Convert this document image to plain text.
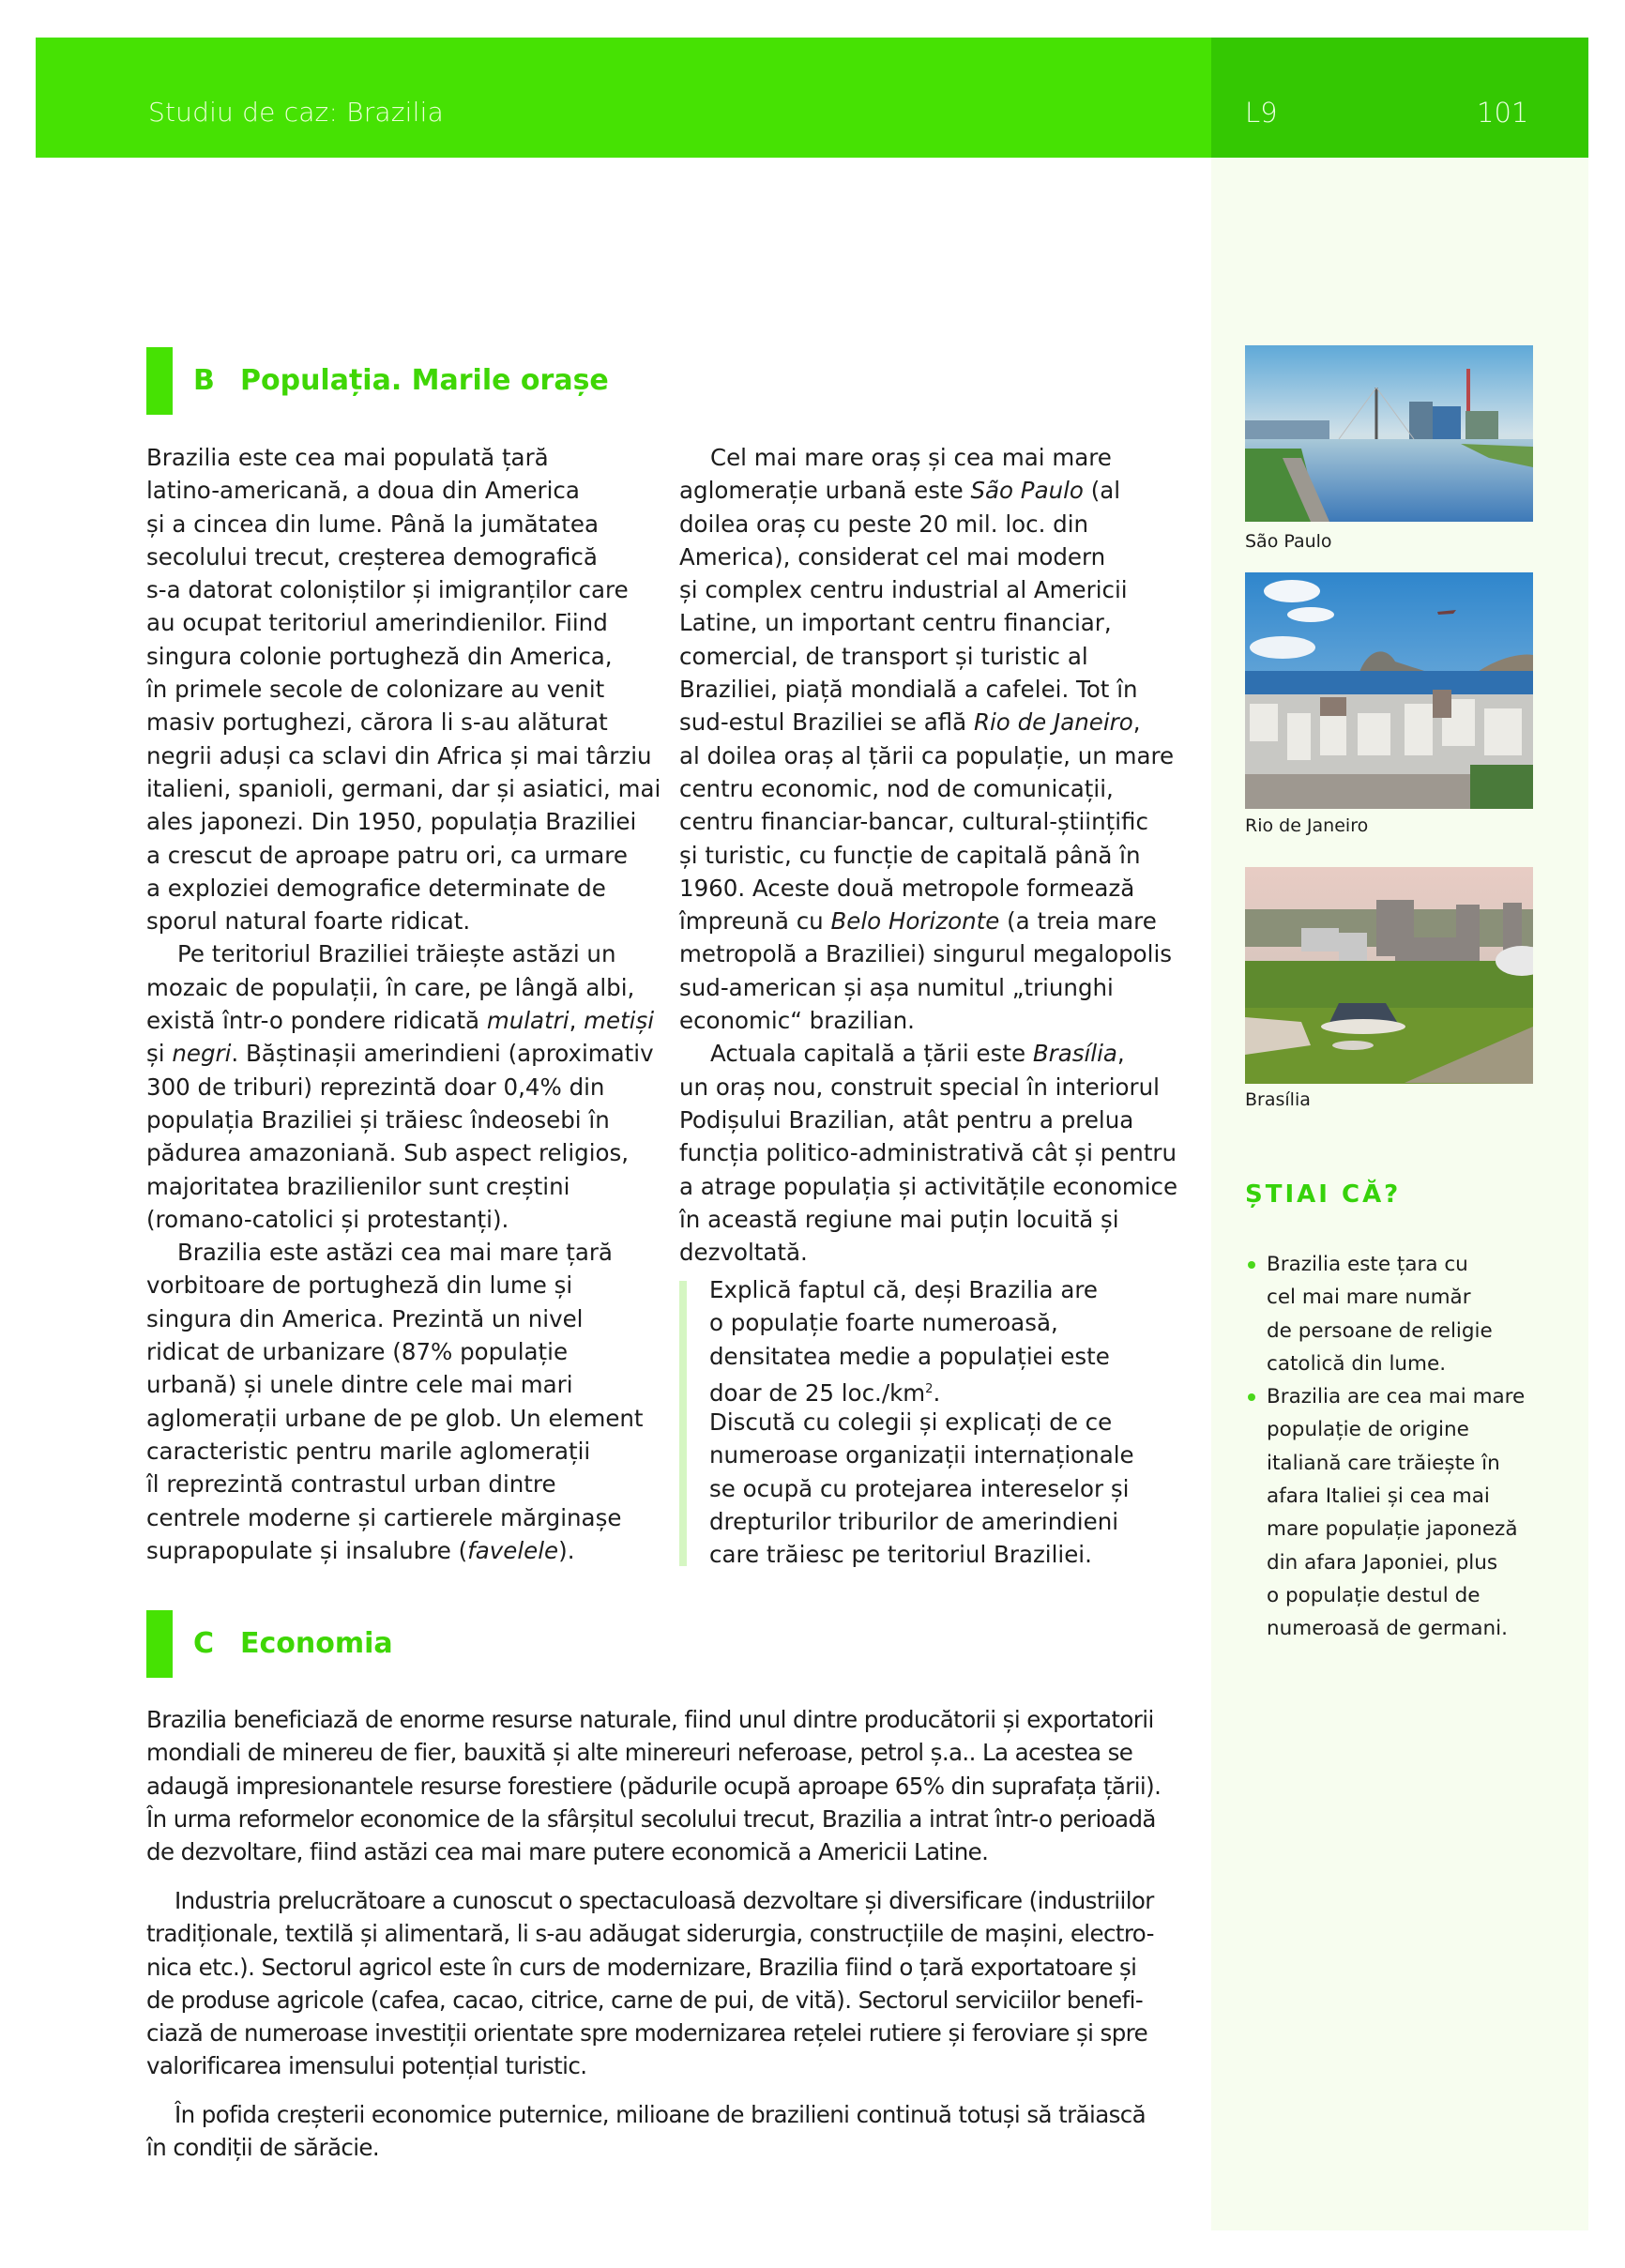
Studiu de caz: Brazilia	L9	101
B Populația. Marile orașe
Brazilia este cea mai populată țară
latino-americană, a doua din America
și a cincea din lume. Până la jumătatea
secolului trecut, creșterea demografică
s-a datorat coloniștilor și imigranților care
au ocupat teritoriul amerindienilor. Fiind
singura colonie portugheză din America,
în primele secole de colonizare au venit
masiv portughezi, cărora li s-au alăturat
negrii aduși ca sclavi din Africa și mai târziu
italieni, spanioli, germani, dar și asiatici, mai
ales japonezi. Din 1950, populația Braziliei
a crescut de aproape patru ori, ca urmare
a exploziei demografice determinate de
sporul natural foarte ridicat.
Pe teritoriul Braziliei trăiește astăzi un
mozaic de populații, în care, pe lângă albi,
există într-o pondere ridicată mulatri, metiși
și negri. Băștinașii amerindieni (aproximativ
300 de triburi) reprezintă doar 0,4% din
populația Braziliei și trăiesc îndeosebi în
pădurea amazoniană. Sub aspect religios,
majoritatea brazilienilor sunt creștini
(romano-catolici și protestanți).
Brazilia este astăzi cea mai mare țară
vorbitoare de portugheză din lume și
singura din America. Prezintă un nivel
ridicat de urbanizare (87% populație
urbană) și unele dintre cele mai mari
aglomerații urbane de pe glob. Un element
caracteristic pentru marile aglomerații
îl reprezintă contrastul urban dintre
centrele moderne și cartierele mărginașe
suprapopulate și insalubre (favelele).
Cel mai mare oraș și cea mai mare
aglomerație urbană este São Paulo (al
doilea oraș cu peste 20 mil. loc. din
America), considerat cel mai modern
și complex centru industrial al Americii
Latine, un important centru financiar,
comercial, de transport și turistic al
Braziliei, piață mondială a cafelei. Tot în
sud-estul Braziliei se află Rio de Janeiro,
al doilea oraș al țării ca populație, un mare
centru economic, nod de comunicații,
centru financiar-bancar, cultural-științific
și turistic, cu funcție de capitală până în
1960. Aceste două metropole formează
împreună cu Belo Horizonte (a treia mare
metropolă a Braziliei) singurul megalopolis
sud-american și așa numitul „triunghi
economic“ brazilian.
Actuala capitală a țării este Brasília,
un oraș nou, construit special în interiorul
Podișului Brazilian, atât pentru a prelua
funcția politico-administrativă cât și pentru
a atrage populația și activitățile economice
în această regiune mai puțin locuită și
dezvoltată.
Explică faptul că, deși Brazilia are
o populație foarte numeroasă,
densitatea medie a populației este
doar de 25 $loc./km^2$.
Discută cu colegii și explicați de ce
numeroase organizații internaționale
se ocupă cu protejarea intereselor și
drepturilor triburilor de amerindieni
care trăiesc pe teritoriul Braziliei.
C Economia
Brazilia beneficiază de enorme resurse naturale, fiind unul dintre producătorii și exportatorii
mondiali de minereu de fier, bauxită și alte minereuri neferoase, petrol ș.a.. La acestea se
adaugă impresionantele resurse forestiere (pădurile ocupă aproape 65% din suprafața țării).
În urma reformelor economice de la sfârșitul secolului trecut, Brazilia a intrat într-o perioadă
de dezvoltare, fiind astăzi cea mai mare putere economică a Americii Latine.
Industria prelucrătoare a cunoscut o spectaculoasă dezvoltare și diversificare (industriilor
tradiționale, textilă și alimentară, li s-au adăugat siderurgia, construcțiile de mașini, electro-
nica etc.). Sectorul agricol este în curs de modernizare, Brazilia fiind o țară exportatoare și
de produse agricole (cafea, cacao, citrice, carne de pui, de vită). Sectorul serviciilor benefi-
ciază de numeroase investiții orientate spre modernizarea rețelei rutiere și feroviare și spre
valorificarea imensului potențial turistic.
În pofida creșterii economice puternice, milioane de brazilieni continuă totuși să trăiască
în condiții de sărăcie.
São Paulo
Rio de Janeiro
Brasília
ȘTIAI CĂ?
Brazilia este țara cu
cel mai mare număr
de persoane de religie
catolică din lume.
Brazilia are cea mai mare
populație de origine
italiană care trăiește în
afara Italiei și cea mai
mare populație japoneză
din afara Japoniei, plus
o populație destul de
numeroasă de germani.
